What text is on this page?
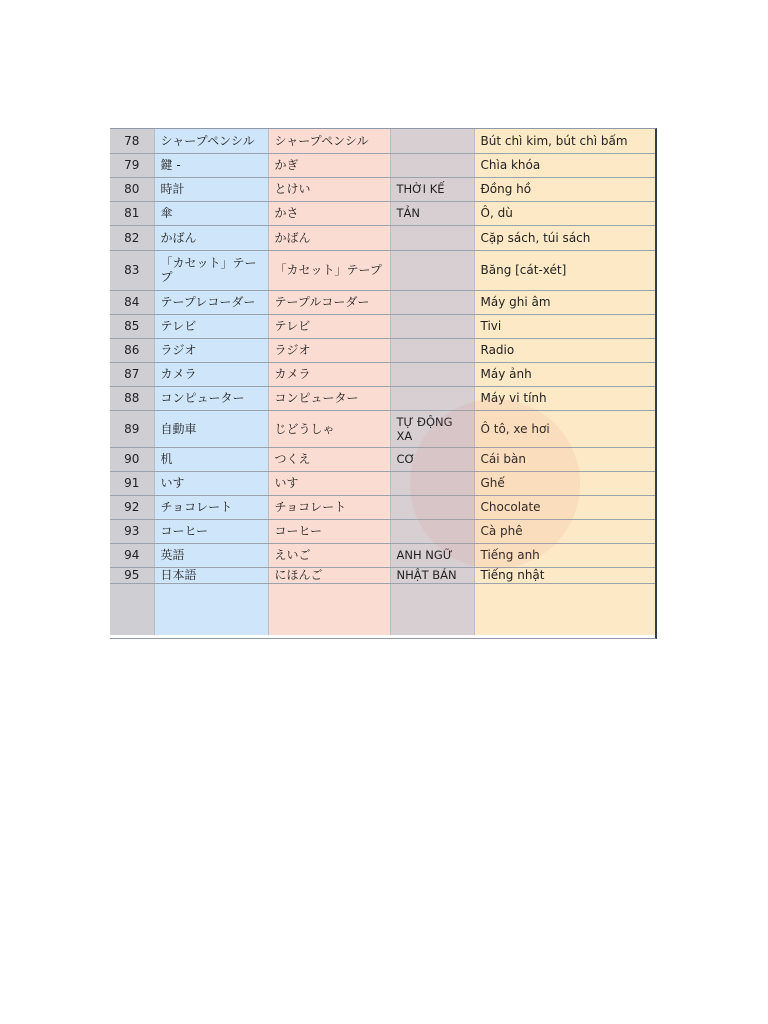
78	シャープペンシル	シャープペンシル		Bút chì kim, bút chì bấm
79	鍵 -	かぎ		Chìa khóa
80	時計	とけい	THỜI KẾ	Đồng hồ
81	傘	かさ	TẢN	Ô, dù
82	かばん	かばん		Cặp sách, túi sách
83	「カセット」テープ	「カセット」テープ		Băng [cát-xét]
84	テープレコーダー	テープルコーダー		Máy ghi âm
85	テレビ	テレビ		Tivi
86	ラジオ	ラジオ		Radio
87	カメラ	カメラ		Máy ảnh
88	コンピューター	コンピューター		Máy vi tính
89	自動車	じどうしゃ	TỰ ĐỘNG XA	Ô tô, xe hơi
90	机	つくえ	CƠ	Cái bàn
91	いす	いす		Ghế
92	チョコレート	チョコレート		Chocolate
93	コーヒー	コーヒー		Cà phê
94	英語	えいご	ANH NGỮ	Tiếng anh
95	日本語	にほんご	NHẬT BẢN	Tiếng nhật
